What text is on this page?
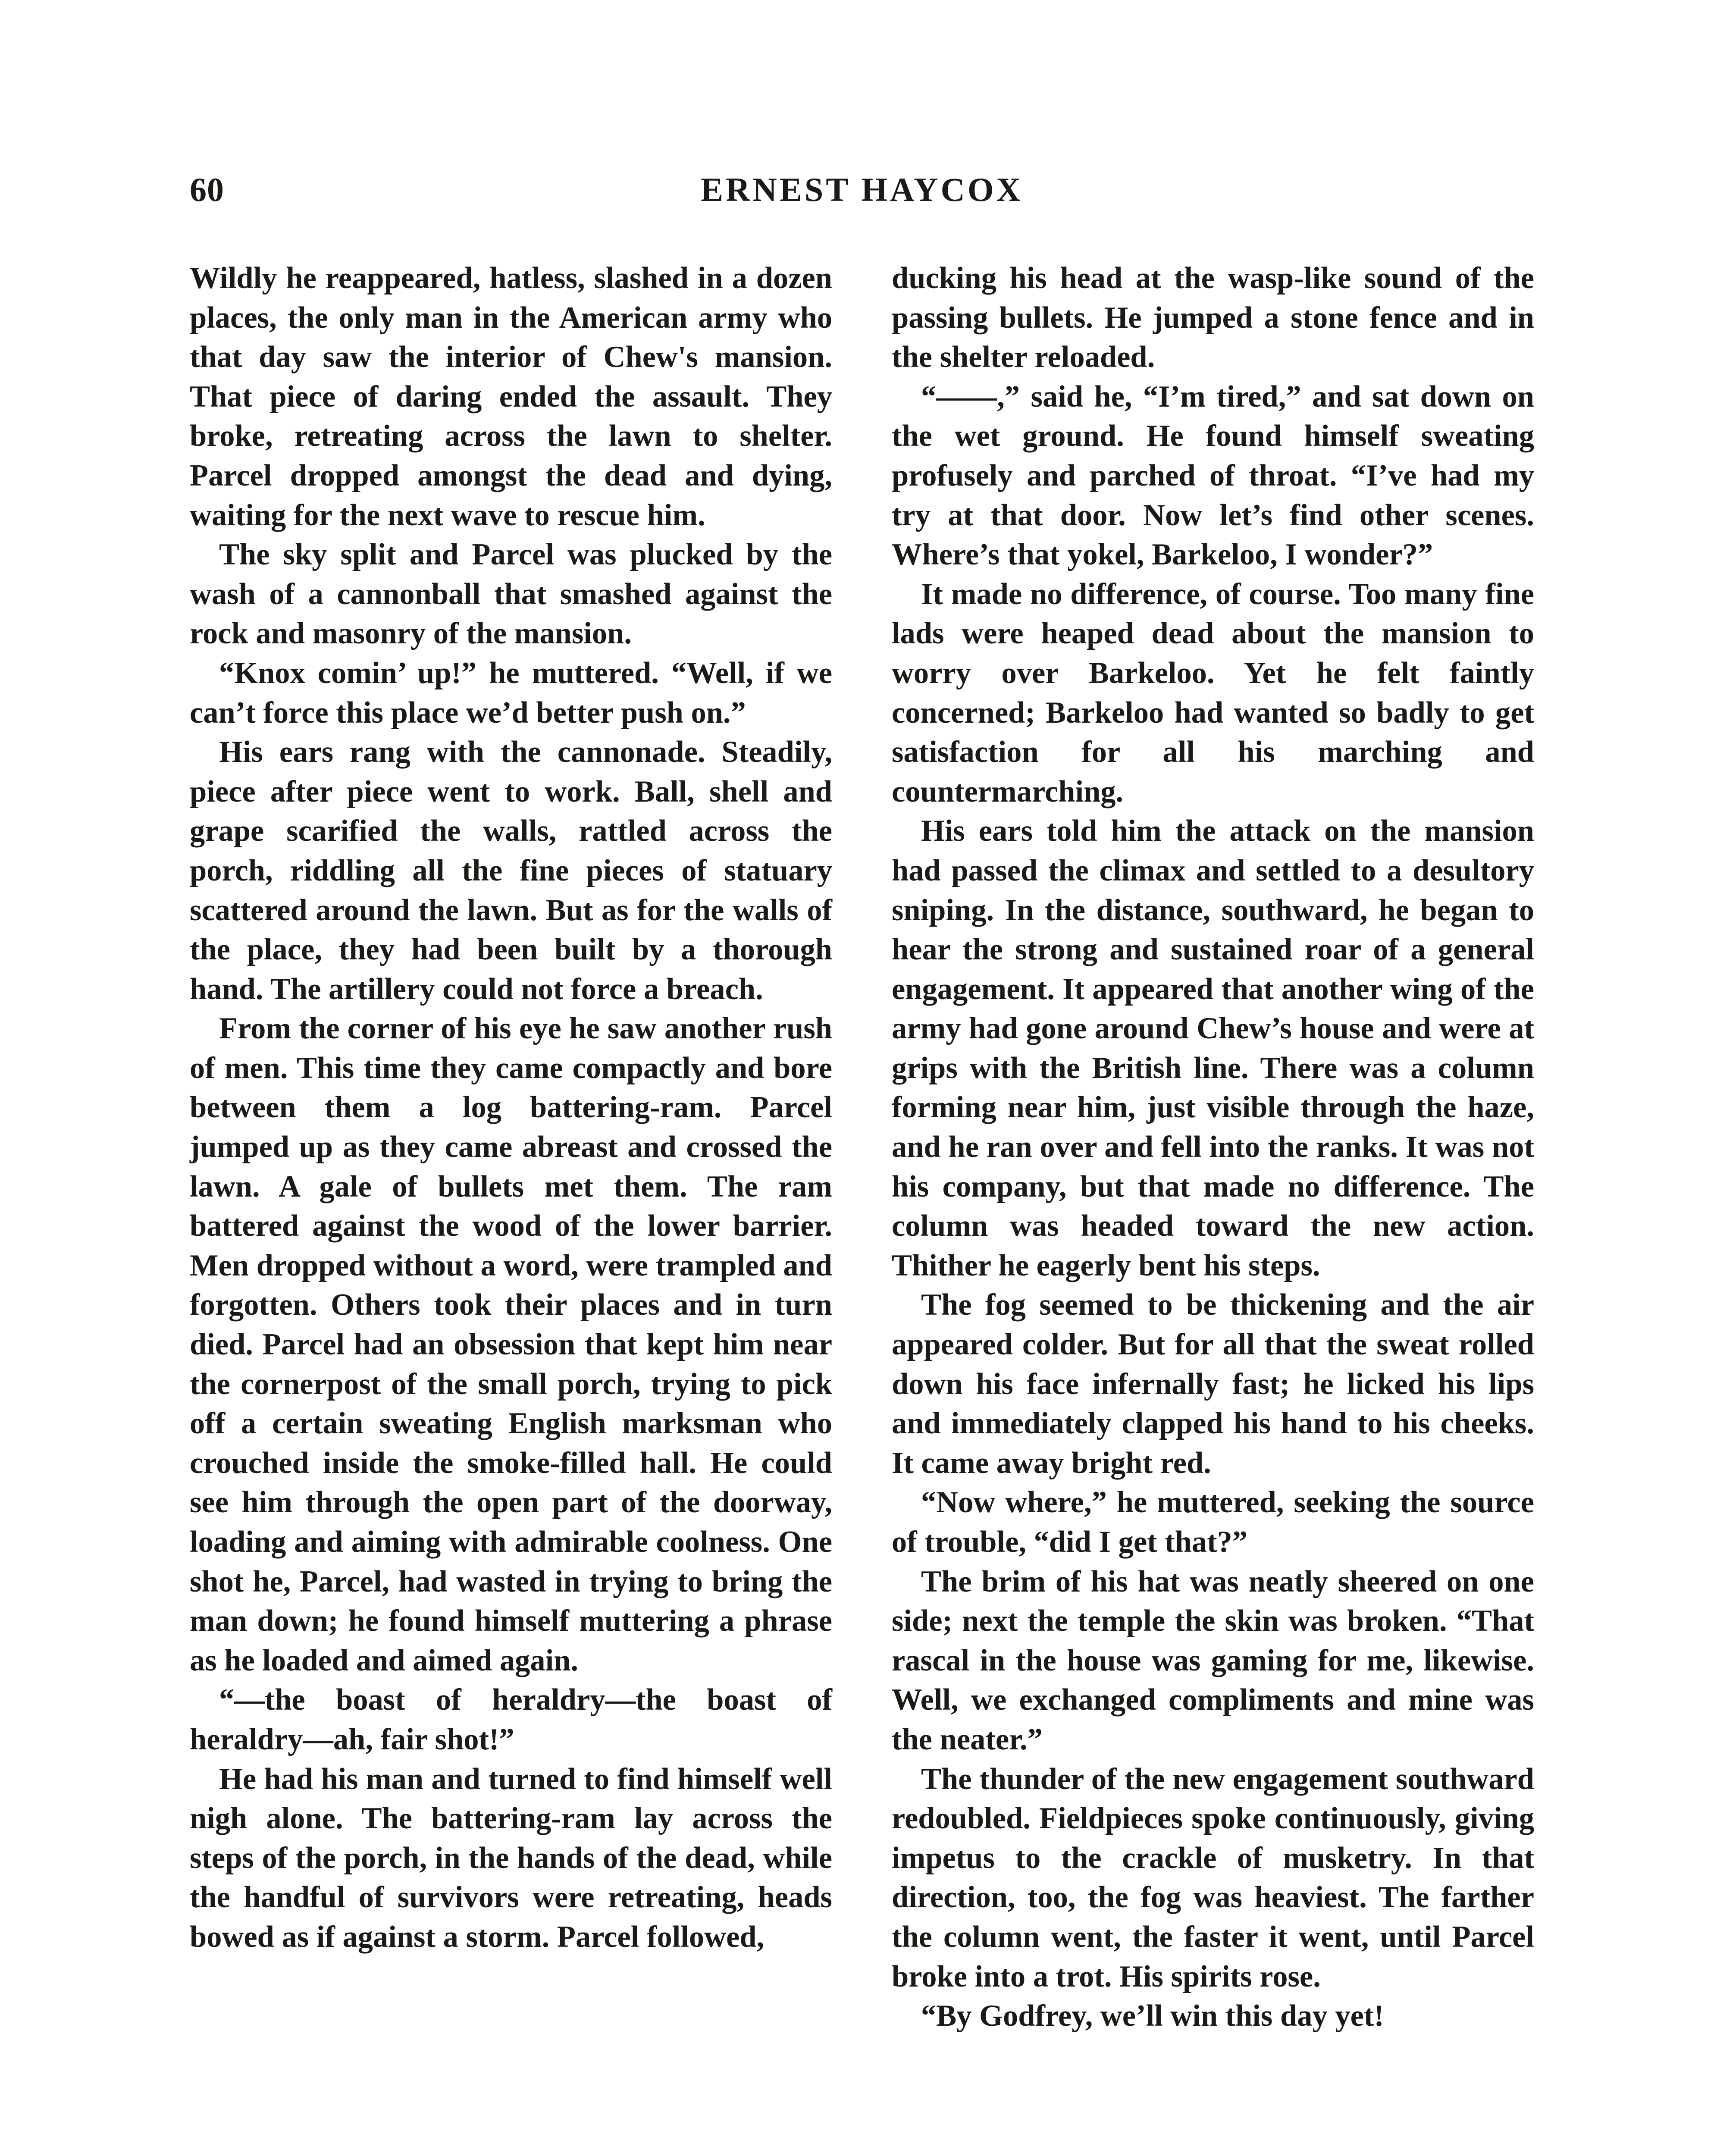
60	ERNEST HAYCOX

Wildly he reappeared, hatless, slashed in a dozen places, the only man in the American army who that day saw the interior of Chew's mansion. That piece of daring ended the assault. They broke, retreating across the lawn to shelter. Parcel dropped amongst the dead and dying, waiting for the next wave to rescue him.

The sky split and Parcel was plucked by the wash of a cannonball that smashed against the rock and masonry of the mansion.

“Knox comin’ up!” he muttered. “Well, if we can’t force this place we’d better push on.”

His ears rang with the cannonade. Steadily, piece after piece went to work. Ball, shell and grape scarified the walls, rattled across the porch, riddling all the fine pieces of statuary scattered around the lawn. But as for the walls of the place, they had been built by a thorough hand. The artillery could not force a breach.

From the corner of his eye he saw another rush of men. This time they came compactly and bore between them a log battering-ram. Parcel jumped up as they came abreast and crossed the lawn. A gale of bullets met them. The ram battered against the wood of the lower barrier. Men dropped without a word, were trampled and forgotten. Others took their places and in turn died. Parcel had an obsession that kept him near the cornerpost of the small porch, trying to pick off a certain sweating English marksman who crouched inside the smoke-filled hall. He could see him through the open part of the doorway, loading and aiming with admirable coolness. One shot he, Parcel, had wasted in trying to bring the man down; he found himself muttering a phrase as he loaded and aimed again.

“—the boast of heraldry—the boast of heraldry—ah, fair shot!”

He had his man and turned to find himself well nigh alone. The battering-ram lay across the steps of the porch, in the hands of the dead, while the handful of survivors were retreating, heads bowed as if against a storm. Parcel followed,

ducking his head at the wasp-like sound of the passing bullets. He jumped a stone fence and in the shelter reloaded.

“——,” said he, “I’m tired,” and sat down on the wet ground. He found himself sweating profusely and parched of throat. “I’ve had my try at that door. Now let’s find other scenes. Where’s that yokel, Barkeloo, I wonder?”

It made no difference, of course. Too many fine lads were heaped dead about the mansion to worry over Barkeloo. Yet he felt faintly concerned; Barkeloo had wanted so badly to get satisfaction for all his marching and countermarching.

His ears told him the attack on the mansion had passed the climax and settled to a desultory sniping. In the distance, southward, he began to hear the strong and sustained roar of a general engagement. It appeared that another wing of the army had gone around Chew’s house and were at grips with the British line. There was a column forming near him, just visible through the haze, and he ran over and fell into the ranks. It was not his company, but that made no difference. The column was headed toward the new action. Thither he eagerly bent his steps.

The fog seemed to be thickening and the air appeared colder. But for all that the sweat rolled down his face infernally fast; he licked his lips and immediately clapped his hand to his cheeks. It came away bright red.

“Now where,” he muttered, seeking the source of trouble, “did I get that?”

The brim of his hat was neatly sheered on one side; next the temple the skin was broken. “That rascal in the house was gaming for me, likewise. Well, we exchanged compliments and mine was the neater.”

The thunder of the new engagement southward redoubled. Fieldpieces spoke continuously, giving impetus to the crackle of musketry. In that direction, too, the fog was heaviest. The farther the column went, the faster it went, until Parcel broke into a trot. His spirits rose.

“By Godfrey, we’ll win this day yet!
